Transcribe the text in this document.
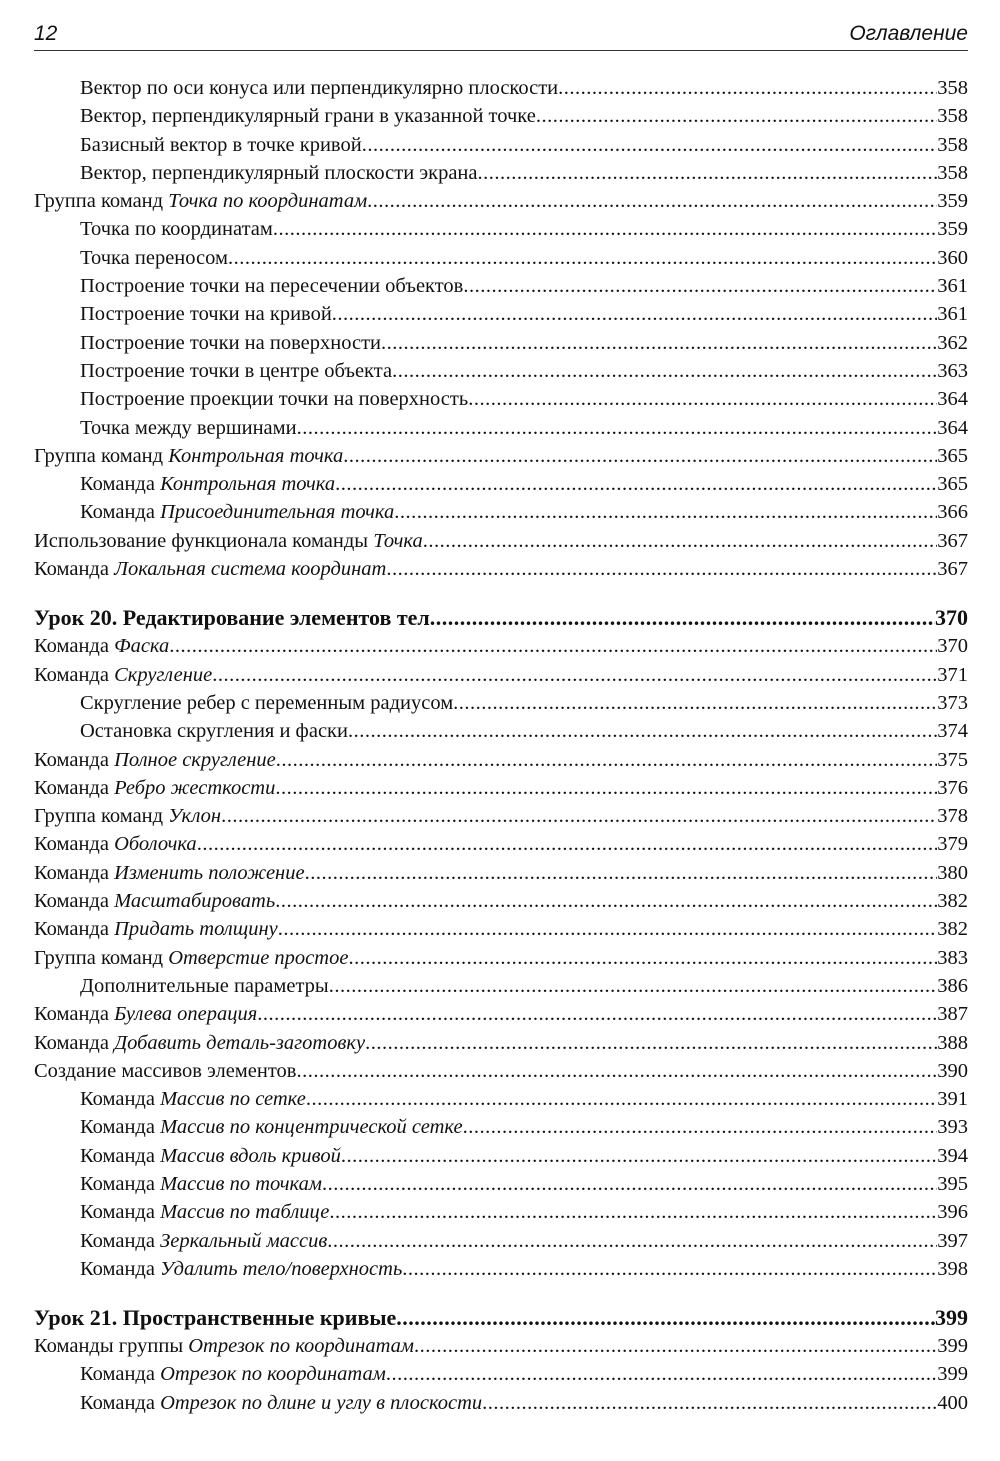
12	Оглавление
Вектор по оси конуса или перпендикулярно плоскости .....	358
Вектор, перпендикулярный грани в указанной точке .....	358
Базисный вектор в точке кривой .....	358
Вектор, перпендикулярный плоскости экрана .....	358
Группа команд Точка по координатам .....	359
Точка по координатам .....	359
Точка переносом .....	360
Построение точки на пересечении объектов .....	361
Построение точки на кривой .....	361
Построение точки на поверхности .....	362
Построение точки в центре объекта .....	363
Построение проекции точки на поверхность .....	364
Точка между вершинами .....	364
Группа команд Контрольная точка .....	365
Команда Контрольная точка .....	365
Команда Присоединительная точка .....	366
Использование функционала команды Точка .....	367
Команда Локальная система координат .....	367
Урок 20. Редактирование элементов тел .....	370
Команда Фаска .....	370
Команда Скругление .....	371
Скругление ребер с переменным радиусом .....	373
Остановка скругления и фаски .....	374
Команда Полное скругление .....	375
Команда Ребро жесткости .....	376
Группа команд Уклон .....	378
Команда Оболочка .....	379
Команда Изменить положение .....	380
Команда Масштабировать .....	382
Команда Придать толщину .....	382
Группа команд Отверстие простое .....	383
Дополнительные параметры .....	386
Команда Булева операция .....	387
Команда Добавить деталь-заготовку .....	388
Создание массивов элементов .....	390
Команда Массив по сетке .....	391
Команда Массив по концентрической сетке .....	393
Команда Массив вдоль кривой .....	394
Команда Массив по точкам .....	395
Команда Массив по таблице .....	396
Команда Зеркальный массив .....	397
Команда Удалить тело/поверхность .....	398
Урок 21. Пространственные кривые .....	399
Команды группы Отрезок по координатам .....	399
Команда Отрезок по координатам .....	399
Команда Отрезок по длине и углу в плоскости .....	400
